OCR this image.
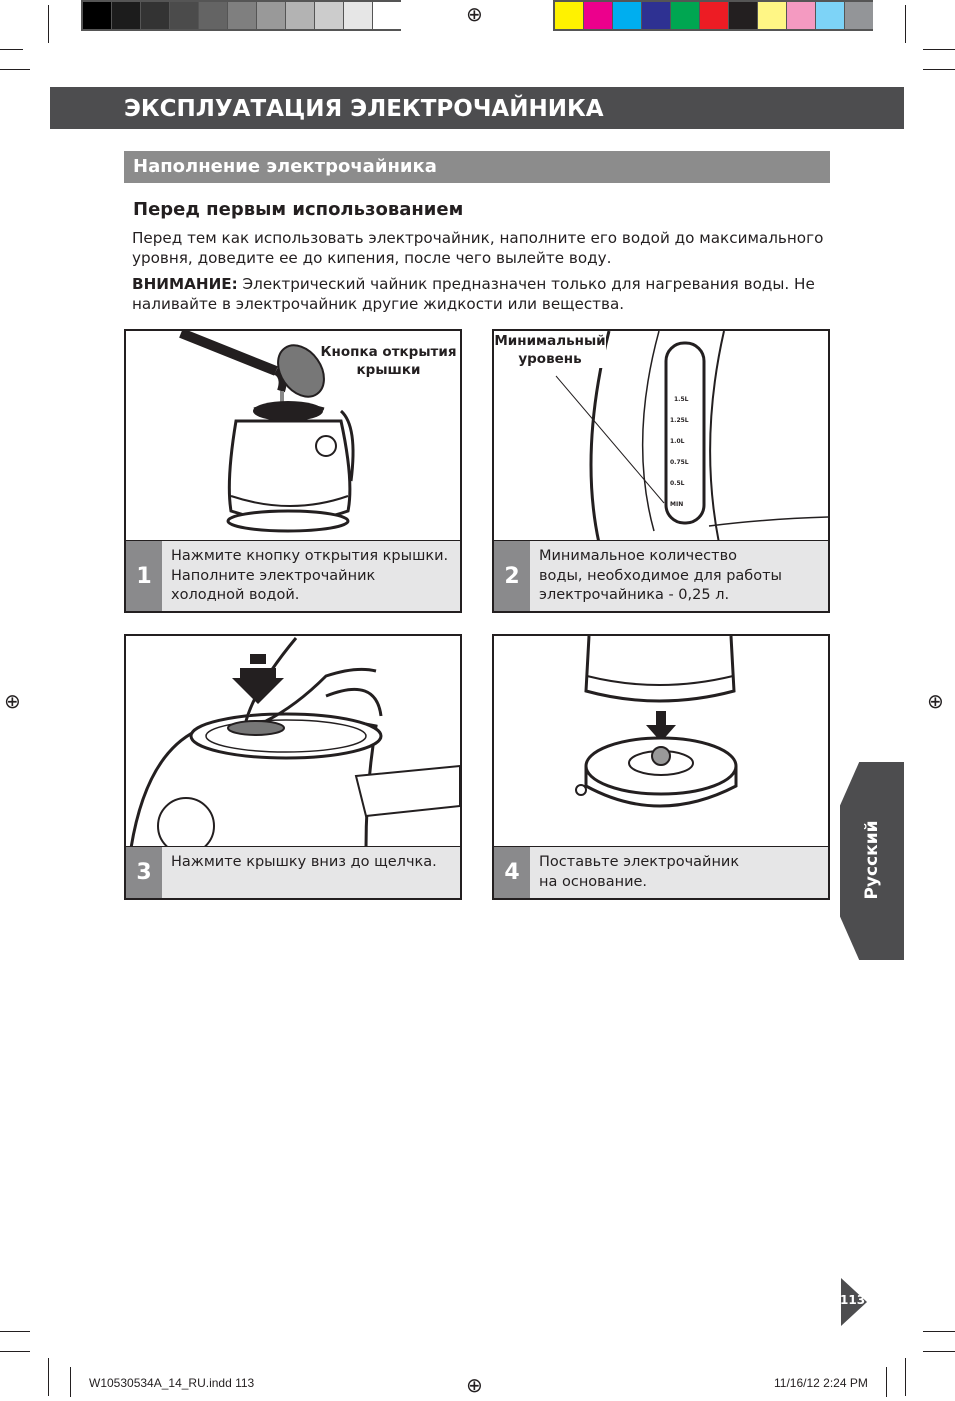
⊕
⊕	⊕
⊕
ЭКСПЛУАТАЦИЯ ЭЛЕКТРОЧАЙНИКА
Наполнение электрочайника
Перед первым использованием
Перед тем как использовать электрочайник, наполните его водой до максимального уровня, доведите ее до кипения, после чего вылейте воду.
ВНИМАНИЕ: Электрический чайник предназначен только для нагревания воды. Не наливайте в электрочайник другие жидкости или вещества.
Кнопка открытия
крышки
1
Нажмите кнопку открытия крышки.
Наполните электрочайник
холодной водой.
1.5L
1.25L
1.0L
0.75L
0.5L
MIN
Минимальный
уровень
2
Минимальное количество
воды, необходимое для работы
электрочайника - 0,25 л.
3	Нажмите крышку вниз до щелчка.	4	Поставьте электрочайник
на основание.	Русский
113
W10530534A_14_RU.indd 113	11/16/12 2:24 PM
